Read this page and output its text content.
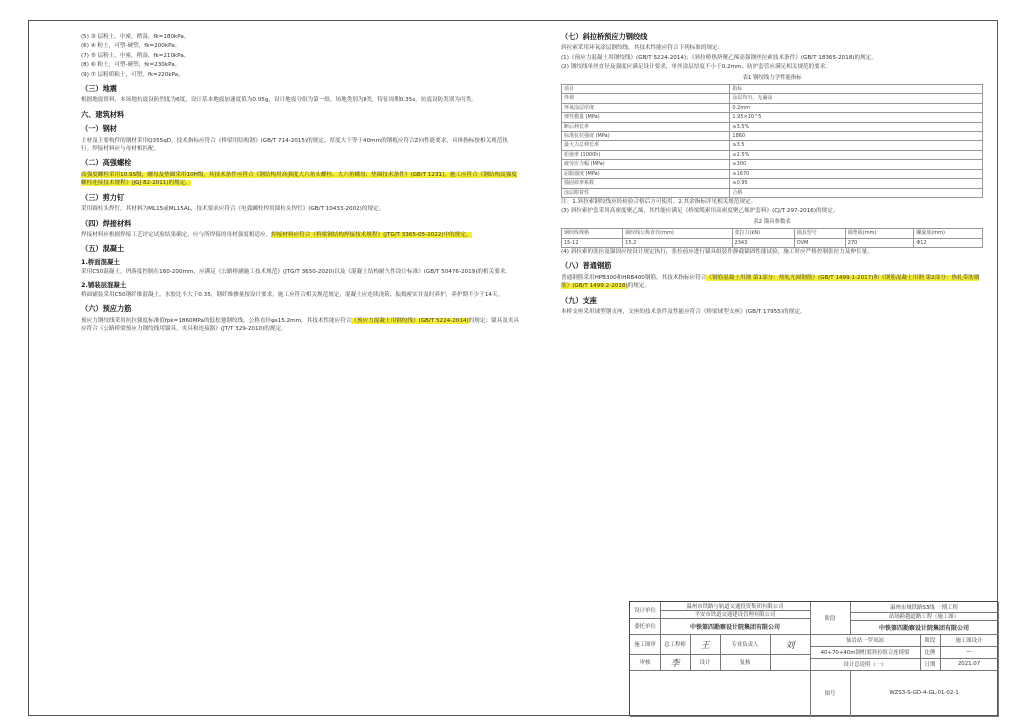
(5) ③ 层粉土，中密，稍湿，fk=180kPa。
(6) ④ 粉土，可塑-硬塑，fk=200kPa。
(7) ⑤ 层粉土，中密，稍湿，fk=210kPa。
(8) ⑥ 粉土，可塑-硬塑，fk=230kPa。
(9) ⑦ 层粉质粘土，可塑，fk=220kPa。
（三）地震
根据地震资料，本场地抗震设防烈度为6度，设计基本地震加速度值为0.05g，设计地震分组为第一组，场地类别为Ⅱ类，特征周期0.35s，抗震设防类别为丙类。
六、建筑材料
（一）钢材
主材及主要构件的钢材采用Q355qD，技术指标应符合《桥梁用结构钢》(GB/T 714-2015)的规定。厚度大于等于40mm的钢板应符合Z向性能要求，具体指标按相关规范执行。焊接材料应与母材相匹配。
（二）高强螺栓
高强度螺栓采用10.9S级，螺母及垫圈采用10H级，其技术条件应符合《钢结构用高强度大六角头螺栓、大六角螺母、垫圈技术条件》(GB/T 1231)，施工应符合《钢结构高强度螺栓连接技术规程》(JGJ 82-2011)的规定。
（三）剪力钉
采用圆柱头焊钉，其材料为ML15或ML15AL，技术要求应符合《电弧螺柱焊用圆柱头焊钉》(GB/T 10433-2002)的规定。
（四）焊接材料
焊接材料应根据焊接工艺评定试验结果确定，应与所焊接的母材强度相适应，焊接材料应符合《桥梁钢结构焊接技术规程》(JTG/T 3365-05-2022)中的规定。
（五）混凝土
1.桥面混凝土
采用C50混凝土，坍落度控制在160-200mm，应满足《公路桥涵施工技术规范》(JTG/T 3650-2020)以及《混凝土结构耐久性设计标准》(GB/T 50476-2019)的相关要求。
2.铺装层混凝土
桥面铺装采用C50钢纤维混凝土，水胶比不大于0.35，钢纤维掺量按设计要求，施工应符合相关规范规定，混凝土应连续浇筑、振捣密实并及时养护，养护期不少于14天。
（六）预应力筋
预应力钢绞线采用抗拉强度标准值fpk=1860MPa的低松弛钢绞线，公称直径φs15.2mm，其技术性能应符合《预应力混凝土用钢绞线》(GB/T 5224-2014)的规定；锚具及夹具应符合《公路桥梁预应力钢绞线用锚具、夹具和连接器》(JT/T 329-2010)的规定。
（七）斜拉桥预应力钢绞线
斜拉索采用环氧涂层钢绞线，其技术性能应符合下列标准的规定：
(1)《预应力混凝土用钢绞线》(GB/T 5224-2014)；《斜拉桥热挤聚乙烯高强钢丝拉索技术条件》(GB/T 18365-2018)的规定。
(2) 钢绞线单丝直径及强度应满足设计要求，单丝涂层厚度不小于0.2mm，防护套管应满足相关规范的要求。
表1 钢绞线力学性能指标
项目	指标
外观	涂层均匀，无漏涂
环氧涂层厚度	0.2mm
弹性模量 (MPa)	1.95×10^5
断后伸长率	≥3.5%
标准抗拉强度 (MPa)	1860
最大力总伸长率	≥3.5
松弛率 (1000h)	≤2.5%
疲劳应力幅 (MPa)	≥300
屈服强度 (MPa)	≥1670
锚固效率系数	≥0.95
涂层附着性	合格
注：1.斜拉索钢绞线应经检验合格后方可使用。2.其余指标详见相关规范规定。
(3) 斜拉索护套采用高密度聚乙烯，其性能应满足《桥梁缆索用高密度聚乙烯护套料》(CJ/T 297-2016)的规定。
表2 锚具参数表
钢绞线规格	钢绞线公称直径(mm)	张拉力(kN)	锚具型号	锚垫板(mm)	螺旋筋(mm)
15-12	15.2	2343	OVM	270	Φ12
(4) 斜拉索的张拉及锚固应按设计规定执行，张拉前应进行锚具组装件静载锚固性能试验，施工时应严格控制张拉力及伸长量。
（八）普通钢筋
普通钢筋采用HPB300和HRB400钢筋，其技术指标应符合《钢筋混凝土用钢 第1部分：热轧光圆钢筋》(GB/T 1499.1-2017)和《钢筋混凝土用钢 第2部分：热轧带肋钢筋》(GB/T 1499.2-2018)的规定。
（九）支座
本桥支座采用球型钢支座，支座的技术条件及性能应符合《桥梁球型支座》(GB/T 17955)的规定。
设计单位
温州市铁路与轨道交通投资集团有限公司
平安市铁道交通建设管理有限公司
委托单位	中铁第四勘察设计院集团有限公司
阶段
温州市域铁路S3线 一期工程
站场跨越道路工程（施工图）
中铁第四勘察设计院集团有限公司
施工图审	总工程师	王	专业负责人	刘	仙岩站一罗凤站
40+70+40m钢桁梁斜拉组合连续梁
设计总说明（一）
阶段	施工图设计
比例	—
日期	2021.07
审核	李	设计	复核
图号	WZS3-S-GD-4-GL-01-02-1
